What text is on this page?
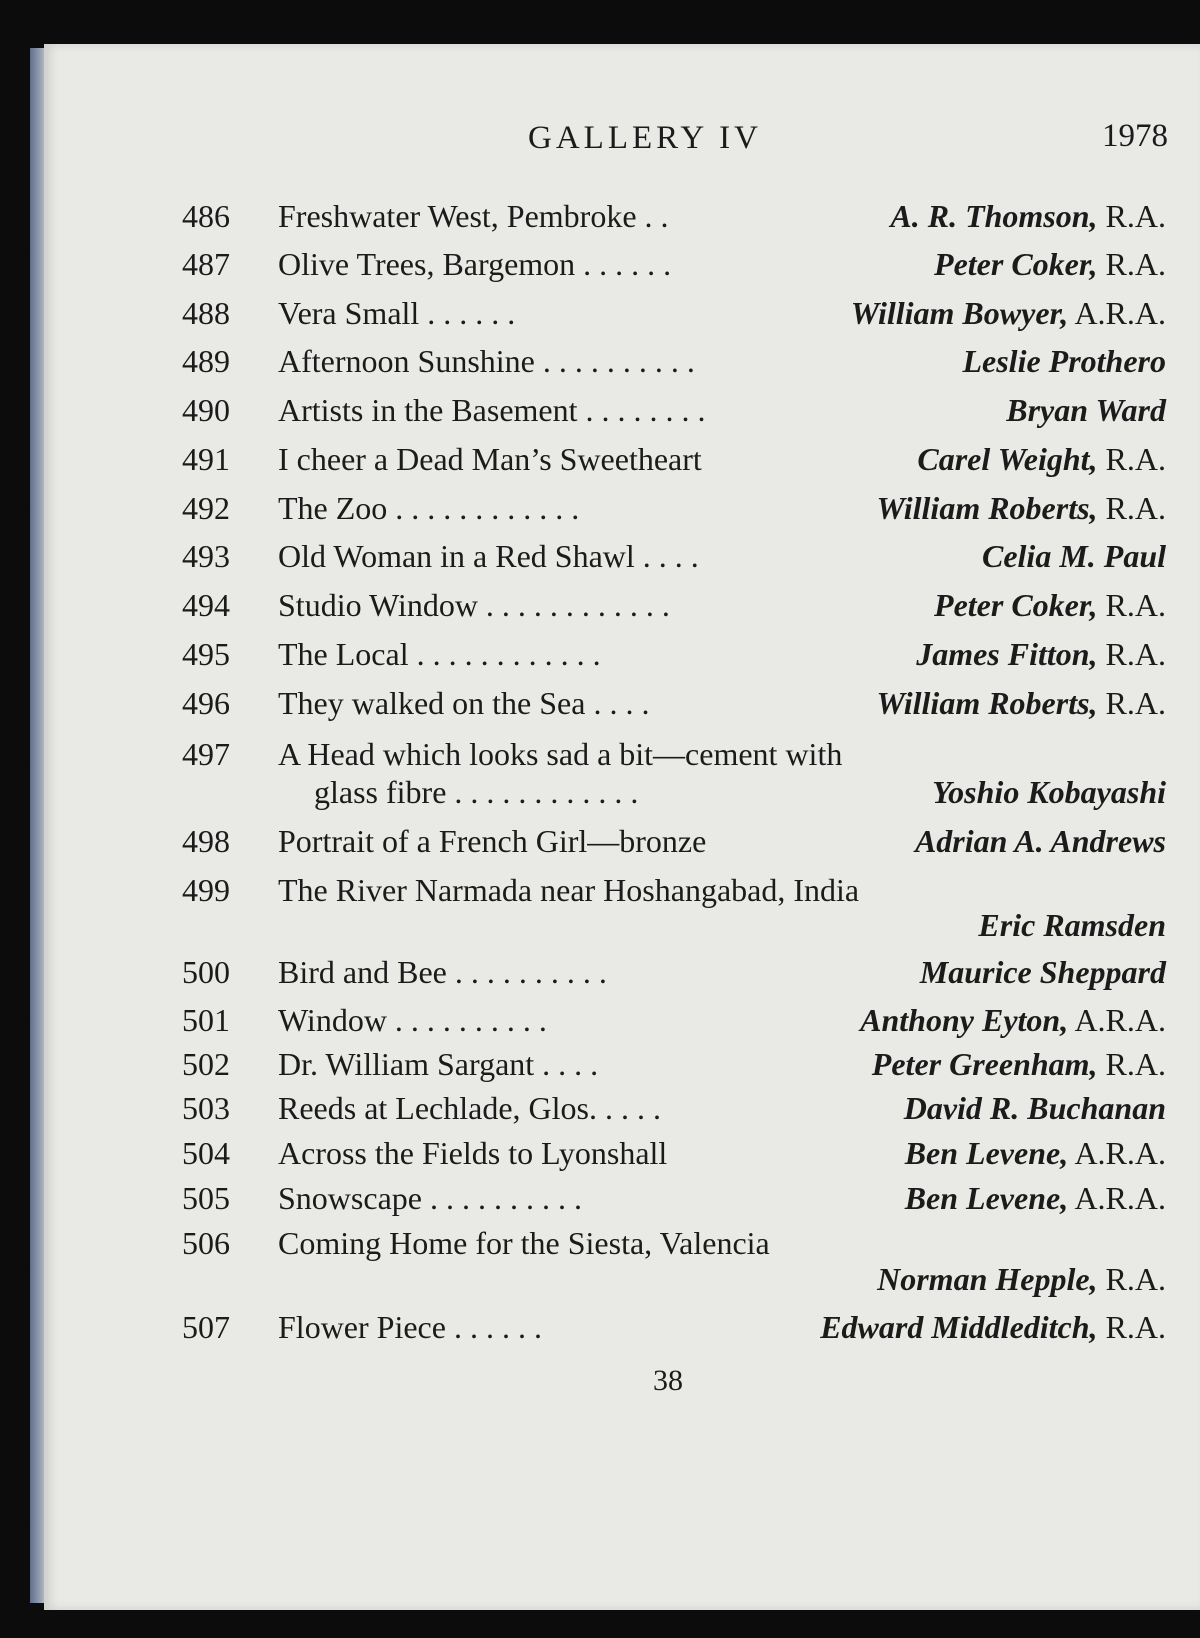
GALLERY IV	1978
486 Freshwater West, Pembroke . .	A. R. Thomson, R.A.
487 Olive Trees, Bargemon . . . . . .	Peter Coker, R.A.
488 Vera Small . . . . . .	William Bowyer, A.R.A.
489 Afternoon Sunshine . . . . . . . . . .	Leslie Prothero
490 Artists in the Basement . . . . . . . .	Bryan Ward
491 I cheer a Dead Man’s Sweetheart	Carel Weight, R.A.
492 The Zoo . . . . . . . . . . . .	William Roberts, R.A.
493 Old Woman in a Red Shawl . . . .	Celia M. Paul
494 Studio Window . . . . . . . . . . . .	Peter Coker, R.A.
495 The Local . . . . . . . . . . . .	James Fitton, R.A.
496 They walked on the Sea . . . .	William Roberts, R.A.
497 A Head which looks sad a bit—cement with
glass fibre . . . . . . . . . . . .	Yoshio Kobayashi
498 Portrait of a French Girl—bronze	Adrian A. Andrews
499 The River Narmada near Hoshangabad, India
Eric Ramsden
500 Bird and Bee . . . . . . . . . .	Maurice Sheppard
501 Window . . . . . . . . . .	Anthony Eyton, A.R.A.
502 Dr. William Sargant . . . .	Peter Greenham, R.A.
503 Reeds at Lechlade, Glos. . . . .	David R. Buchanan
504 Across the Fields to Lyonshall	Ben Levene, A.R.A.
505 Snowscape . . . . . . . . . .	Ben Levene, A.R.A.
506 Coming Home for the Siesta, Valencia
Norman Hepple, R.A.
507 Flower Piece . . . . . .	Edward Middleditch, R.A.
38
